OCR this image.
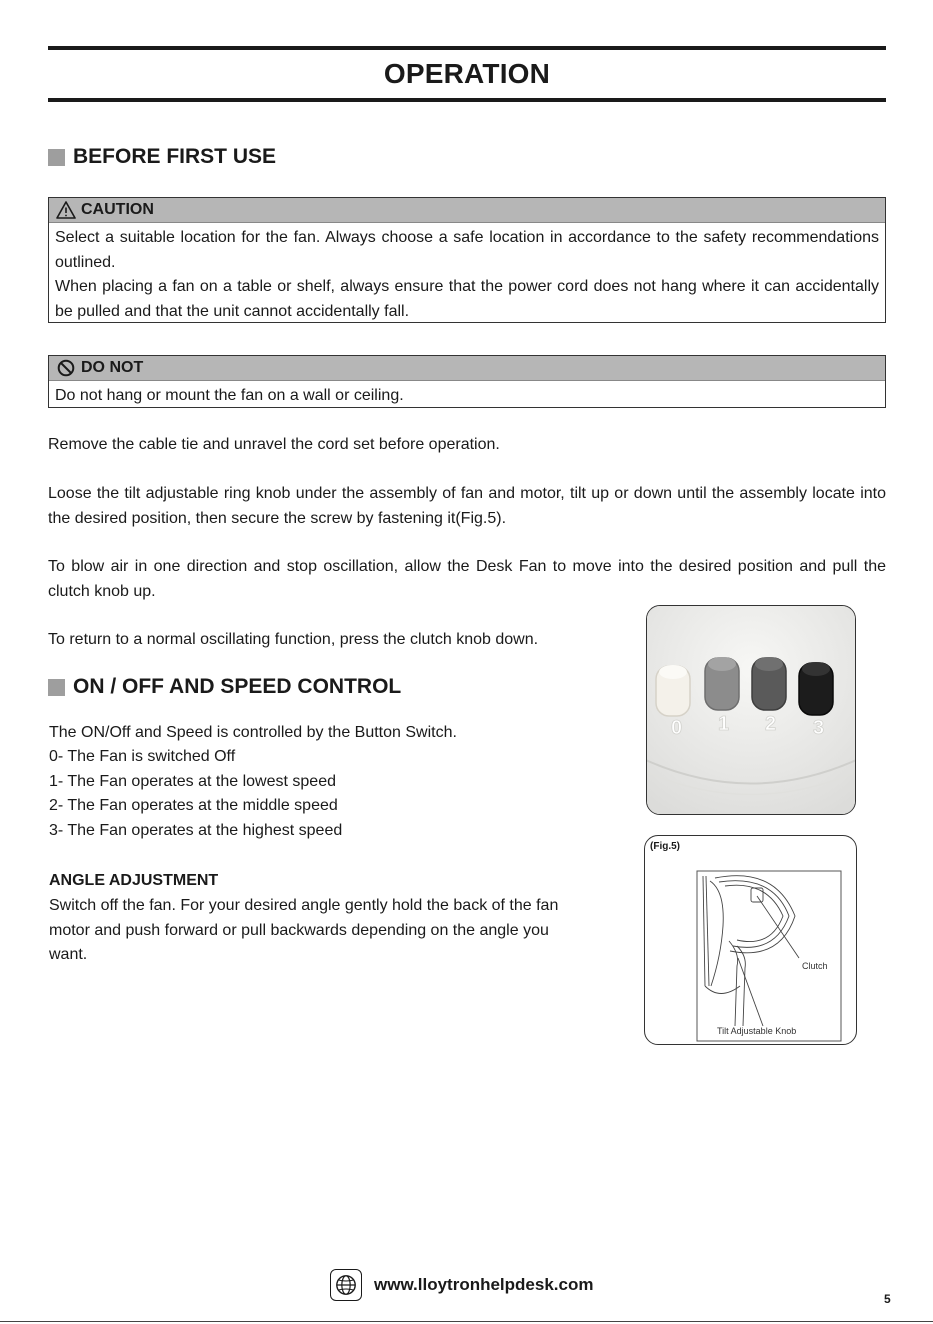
OPERATION
BEFORE FIRST USE
CAUTION

Select a suitable location for the fan. Always choose a safe location in accordance to the safety recommendations outlined.

When placing a fan on a table or shelf, always ensure that the power cord does not hang where it can accidentally be pulled and that the unit cannot accidentally fall.

DO NOT

Do not hang or mount the fan on a wall or ceiling.

Remove the cable tie and unravel the cord set before operation.

Loose the tilt adjustable ring knob under the assembly of fan and motor, tilt up or down until the assembly locate into the desired position, then secure the screw by fastening it(Fig.5).

To blow air in one direction and stop oscillation, allow the Desk Fan to move into the desired position and pull the clutch knob up.

To return to a normal oscillating function, press the clutch knob down.

ON / OFF AND SPEED CONTROL
The ON/Off and Speed is controlled by the Button Switch.
0- The Fan is switched Off
1- The Fan operates at the lowest speed
2- The Fan operates at the middle speed
3- The Fan operates at the highest speed
ANGLE ADJUSTMENT

Switch off the fan. For your desired angle gently hold the back of the fan motor and push forward or pull backwards depending on the angle you want.

0 1 2 3
(Fig.5)
Clutch
Tilt Adjustable Knob
www.lloytronhelpdesk.com
5
